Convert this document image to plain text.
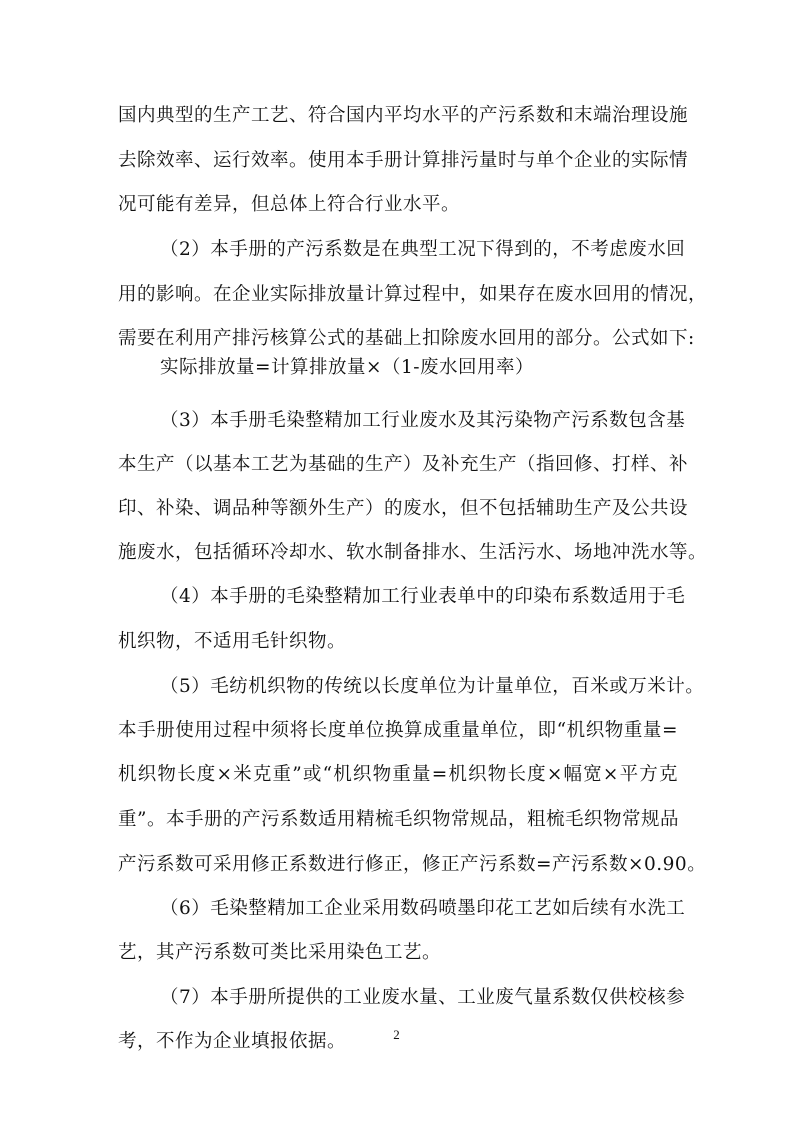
国内典型的生产工艺、符合国内平均水平的产污系数和末端治理设施
去除效率、运行效率。使用本手册计算排污量时与单个企业的实际情
况可能有差异，但总体上符合行业水平。
（2）本手册的产污系数是在典型工况下得到的，不考虑废水回
用的影响。在企业实际排放量计算过程中，如果存在废水回用的情况，
需要在利用产排污核算公式的基础上扣除废水回用的部分。公式如下:
实际排放量=计算排放量×（1-废水回用率）
（3）本手册毛染整精加工行业废水及其污染物产污系数包含基
本生产（以基本工艺为基础的生产）及补充生产（指回修、打样、补
印、补染、调品种等额外生产）的废水，但不包括辅助生产及公共设
施废水，包括循环冷却水、软水制备排水、生活污水、场地冲洗水等。
（4）本手册的毛染整精加工行业表单中的印染布系数适用于毛
机织物，不适用毛针织物。
（5）毛纺机织物的传统以长度单位为计量单位，百米或万米计。
本手册使用过程中须将长度单位换算成重量单位，即“机织物重量=
机织物长度×米克重”或“机织物重量=机织物长度×幅宽×平方克
重”。本手册的产污系数适用精梳毛织物常规品，粗梳毛织物常规品
产污系数可采用修正系数进行修正，修正产污系数=产污系数×0.90。
（6）毛染整精加工企业采用数码喷墨印花工艺如后续有水洗工
艺，其产污系数可类比采用染色工艺。
（7）本手册所提供的工业废水量、工业废气量系数仅供校核参
考，不作为企业填报依据。	2
